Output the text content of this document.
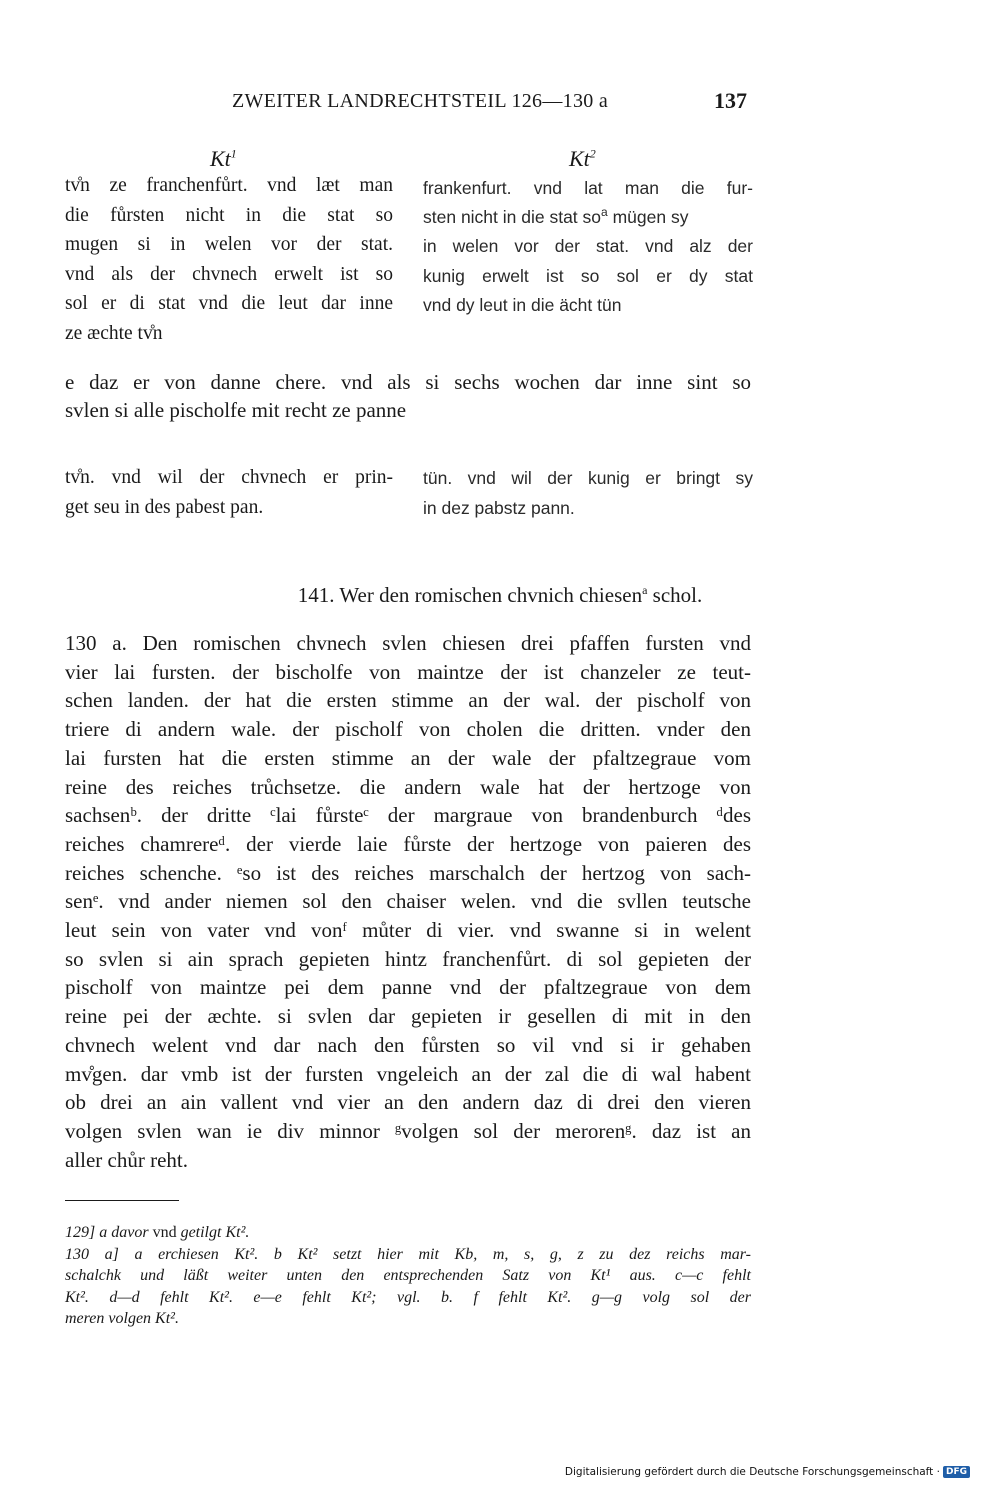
ZWEITER LANDRECHTSTEIL 126—130 a	137
Kt$^1$	Kt$^2$
tv̊n ze franchenfůrt. vnd læt man
die fůrsten nicht in die stat so
mugen si in welen vor der stat.
vnd als der chvnech erwelt ist so
sol er di stat vnd die leut dar inne
ze æchte tv̊n
frankenfurt. vnd lat man die fur-
sten nicht in die stat $so^a$ mügen sy
in welen vor der stat. vnd alz der
kunig erwelt ist so sol er dy stat
vnd dy leut in die ächt tün
e daz er von danne chere. vnd als si sechs wochen dar inne sint so
svlen si alle pischolfe mit recht ze panne
tv̊n. vnd wil der chvnech er prin-
get seu in des pabest pan.
tün. vnd wil der kunig er bringt sy
in dez pabstz pann.
141. Wer den romischen chvnich chiesen$^a$ schol.
130 a. Den romischen chvnech svlen chiesen drei pfaffen fursten vnd
vier lai fursten. der bischolfe von maintze der ist chanzeler ze teut-
schen landen. der hat die ersten stimme an der wal. der pischolf von
triere di andern wale. der pischolf von cholen die dritten. vnder den
lai fursten hat die ersten stimme an der wale der pfaltzegraue vom
reine des reiches trůchsetze. die andern wale hat der hertzoge von
sachsenᵇ. der dritte ᶜlai fůrsteᶜ der margraue von brandenburch ᵈdes
reiches chamrereᵈ. der vierde laie fůrste der hertzoge von paieren des
reiches schenche. ᵉso ist des reiches marschalch der hertzog von sach-
senᵉ. vnd ander niemen sol den chaiser welen. vnd die svllen teutsche
leut sein von vater vnd vonᶠ můter di vier. vnd swanne si in welent
so svlen si ain sprach gepieten hintz franchenfůrt. di sol gepieten der
pischolf von maintze pei dem panne vnd der pfaltzegraue von dem
reine pei der æchte. si svlen dar gepieten ir gesellen di mit in den
chvnech welent vnd dar nach den fůrsten so vil vnd si ir gehaben
mv̊gen. dar vmb ist der fursten vngeleich an der zal die di wal habent
ob drei an ain vallent vnd vier an den andern daz di drei den vieren
volgen svlen wan ie div minnor ᵍvolgen sol der merorenᵍ. daz ist an
aller chůr reht.
129] a davor vnd getilgt Kt².
130 a] a erchiesen Kt². b Kt² setzt hier mit Kb, m, s, g, z zu dez reichs mar-
schalchk und läßt weiter unten den entsprechenden Satz von Kt¹ aus. c—c fehlt
Kt². d—d fehlt Kt². e—e fehlt Kt²; vgl. b. f fehlt Kt². g—g volg sol der
meren volgen Kt².
Digitalisierung gefördert durch die Deutsche Forschungsgemeinschaft · DFG
